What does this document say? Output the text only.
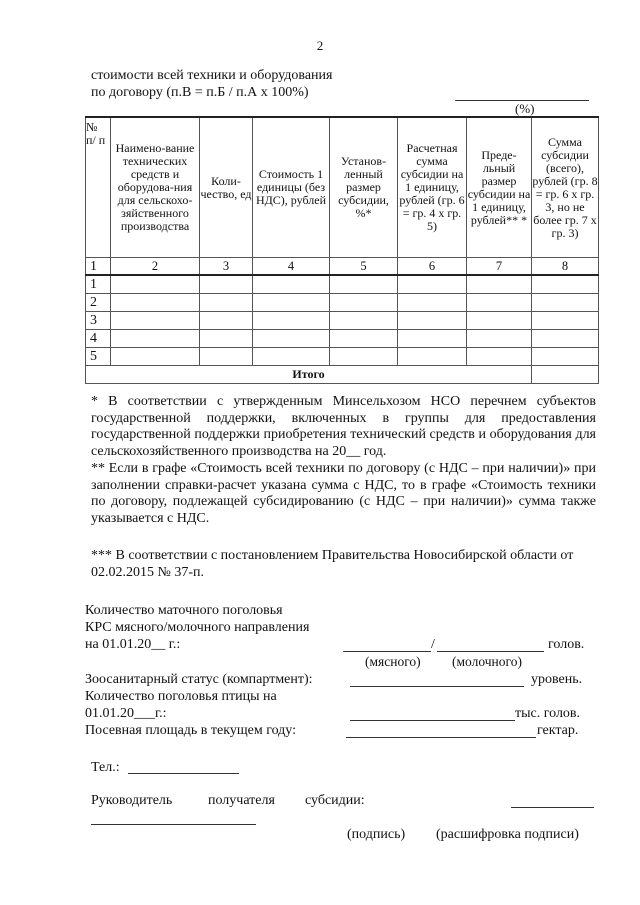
2
стоимости всей техники и оборудования
по договору (п.В = п.Б / п.А х 100%)
(%)
№ п/ п	Наимено-вание технических средств и оборудова-ния для сельскохо-зяйственного производства	Коли-чество, ед	Стоимость 1 единицы (без НДС), рублей	Установ-ленный размер субсидии, %*	Расчетная сумма субсидии на 1 единицу, рублей (гр. 6 = гр. 4 х гр. 5)	Преде-льный размер субсидии на 1 единицу, рублей** *	Сумма субсидии (всего), рублей (гр. 8 = гр. 6 х гр. 3, но не более гр. 7 х гр. 3)
1	2	3	4	5	6	7	8
1							
2							
3							
4							
5							
Итого							
* В соответствии с утвержденным Минсельхозом НСО перечнем субъектов государственной поддержки, включенных в группы для предоставления государственной поддержки приобретения технический средств и оборудования для сельскохозяйственного производства на 20__ год.
** Если в графе «Стоимость всей техники по договору (с НДС – при наличии)» при заполнении справки-расчет указана сумма с НДС, то в графе «Стоимость техники по договору, подлежащей субсидированию (с НДС – при наличии)» сумма также указывается с НДС.
*** В соответствии с постановлением Правительства Новосибирской области от 02.02.2015 № 37-п.
Количество маточного поголовья
КРС мясного/молочного направления
на 01.01.20__ г.:	/	голов.
(мясного) (молочного)
Зоосанитарный статус (компартмент):	уровень.
Количество поголовья птицы на
01.01.20___г.:	тыс. голов.
Посевная площадь в текущем году:	гектар.
Тел.:
Руководитель	получателя субсидии:
(подпись) (расшифровка подписи)
